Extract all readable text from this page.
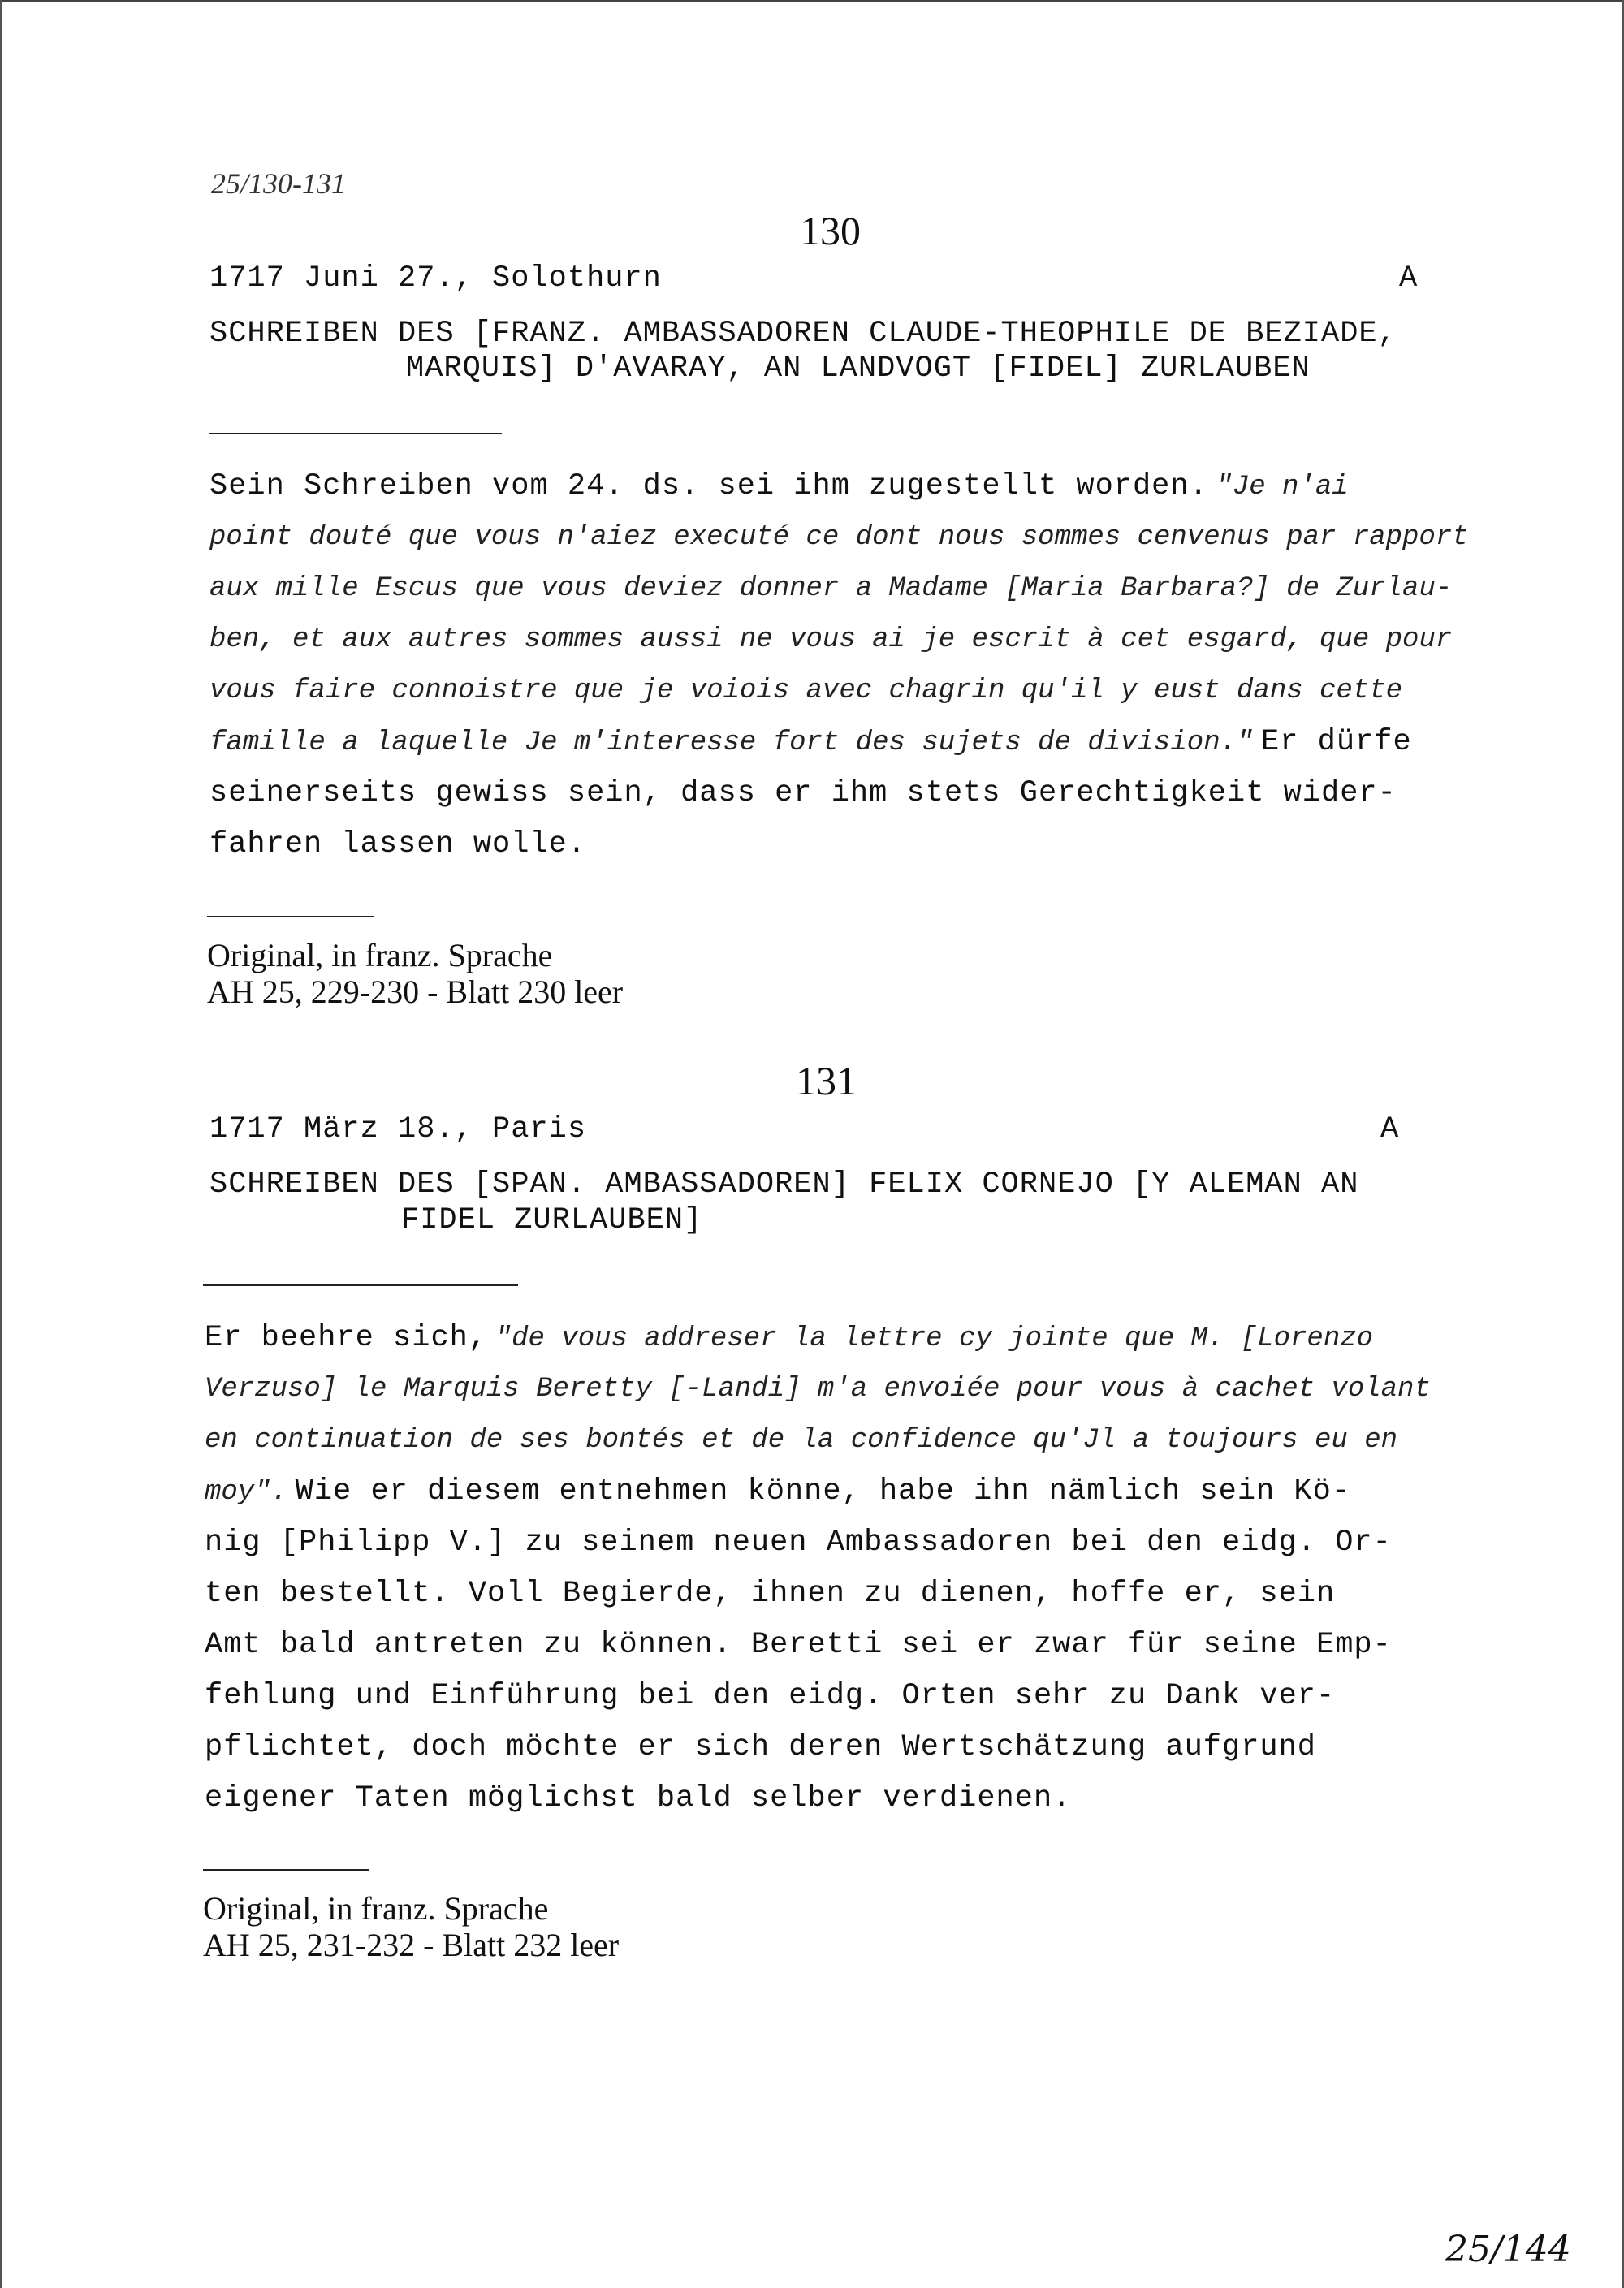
25/130-131
130
1717 Juni 27., Solothurn	A
SCHREIBEN DES [FRANZ. AMBASSADOREN CLAUDE-THEOPHILE DE BEZIADE,
MARQUIS] D'AVARAY, AN LANDVOGT [FIDEL] ZURLAUBEN
Sein Schreiben vom 24. ds. sei ihm zugestellt worden. "Je n'ai
point douté que vous n'aiez executé ce dont nous sommes cenvenus par rapport
aux mille Escus que vous deviez donner a Madame [Maria Barbara?] de Zurlau-
ben, et aux autres sommes aussi ne vous ai je escrit à cet esgard, que pour
vous faire connoistre que je voiois avec chagrin qu'il y eust dans cette
famille a laquelle Je m'interesse fort des sujets de division." Er dürfe
seinerseits gewiss sein, dass er ihm stets Gerechtigkeit wider-
fahren lassen wolle.
Original, in franz. Sprache
AH 25, 229-230 - Blatt 230 leer
131
1717 März 18., Paris	A
SCHREIBEN DES [SPAN. AMBASSADOREN] FELIX CORNEJO [Y ALEMAN AN
FIDEL ZURLAUBEN]
Er beehre sich, "de vous addreser la lettre cy jointe que M. [Lorenzo
Verzuso] le Marquis Beretty [-Landi] m'a envoiée pour vous à cachet volant
en continuation de ses bontés et de la confidence qu'Jl a toujours eu en
moy". Wie er diesem entnehmen könne, habe ihn nämlich sein Kö-
nig [Philipp V.] zu seinem neuen Ambassadoren bei den eidg. Or-
ten bestellt. Voll Begierde, ihnen zu dienen, hoffe er, sein
Amt bald antreten zu können. Beretti sei er zwar für seine Emp-
fehlung und Einführung bei den eidg. Orten sehr zu Dank ver-
pflichtet, doch möchte er sich deren Wertschätzung aufgrund
eigener Taten möglichst bald selber verdienen.
Original, in franz. Sprache
AH 25, 231-232 - Blatt 232 leer
25/144
